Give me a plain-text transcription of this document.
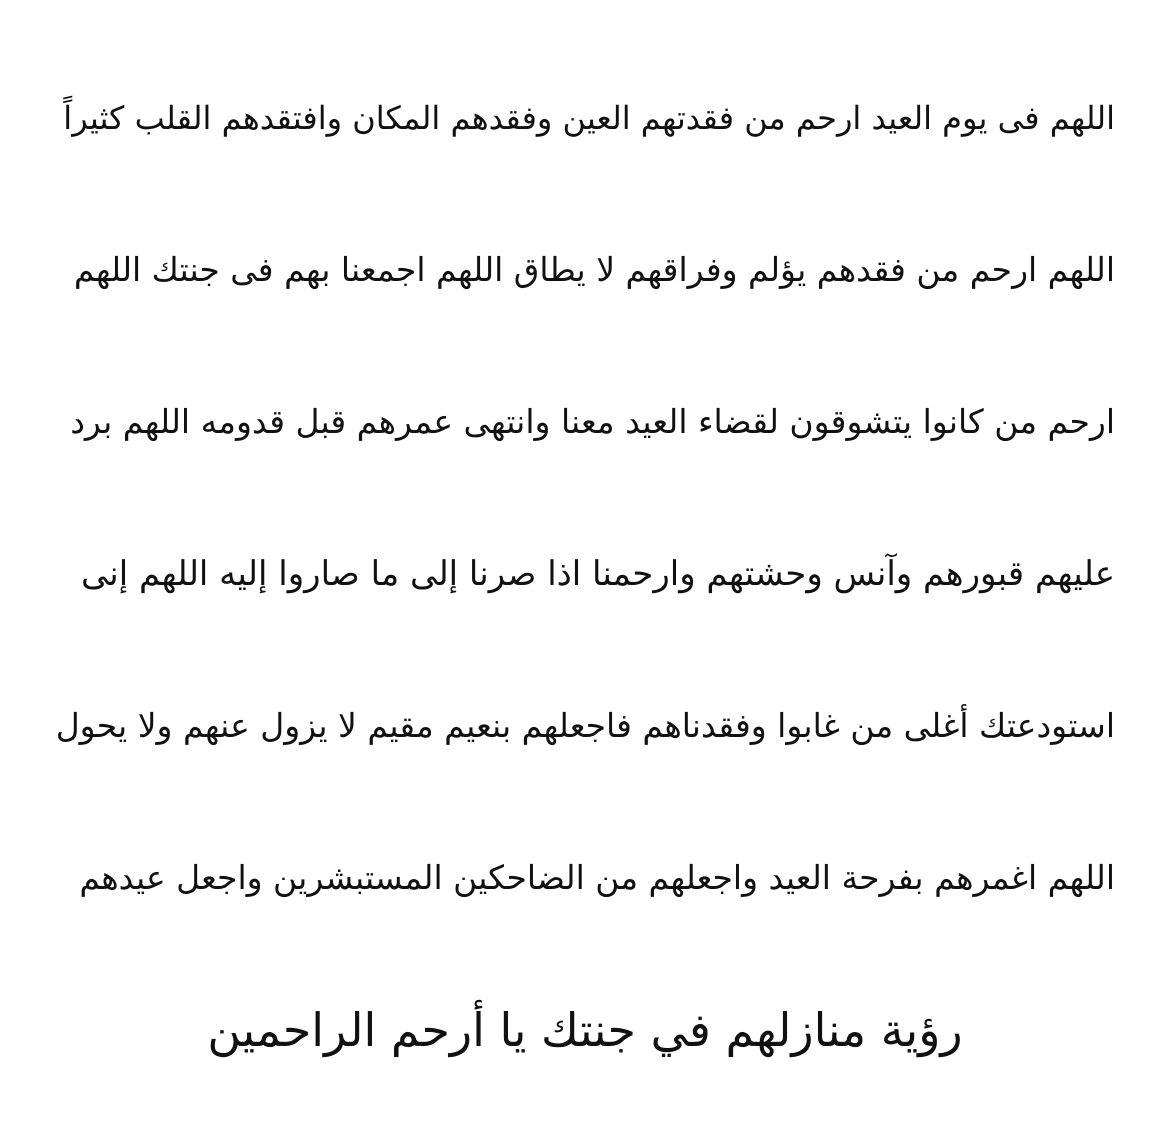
اللهم فى يوم العيد ارحم من فقدتهم العين وفقدهم المكان وافتقدهم القلب كثيراً
اللهم ارحم من فقدهم يؤلم وفراقهم لا يطاق اللهم اجمعنا بهم فى جنتك اللهم
ارحم من كانوا يتشوقون لقضاء العيد معنا وانتهى عمرهم قبل قدومه اللهم برد
عليهم قبورهم وآنس وحشتهم وارحمنا اذا صرنا إلى ما صاروا إليه اللهم إنى
استودعتك أغلى من غابوا وفقدناهم فاجعلهم بنعيم مقيم لا يزول عنهم ولا يحول
اللهم اغمرهم بفرحة العيد واجعلهم من الضاحكين المستبشرين واجعل عيدهم
رؤية منازلهم في جنتك يا أرحم الراحمين
